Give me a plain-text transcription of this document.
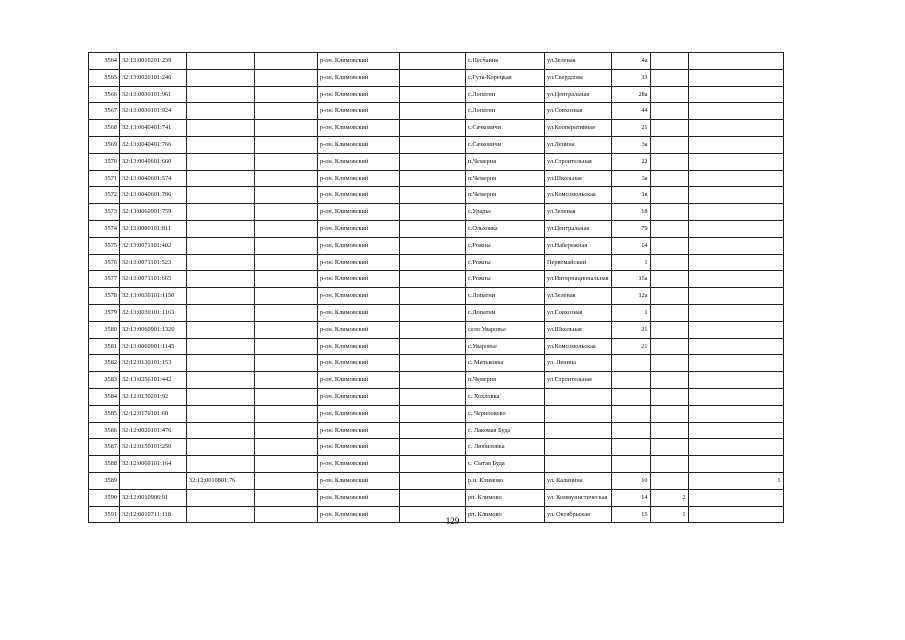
3564	32:13:0010201:239			р-он. Климовский		с.Песчаник	ул.Зеленая	4а		
3565	32:13:0020101:246			р-он. Климовский		с.Гута-Корецкая	ул.Свердлова	33		
3566	32:13:0030101:961			р-он. Климовский		с.Лопатни	ул.Центральная	28а		
3567	32:13:0030101:924			р-он. Климовский		с.Лопатни	ул.Совхозная	44		
3568	32:13:0040401:741			р-он. Климовский		с.Сачковичи	ул.Кооперативная	21		
3569	32:13:0040401:766			р-он. Климовский		с.Сачковичи	ул.Ленина	3а		
3570	32:13:0040601:660			р-он. Климовский		п.Чемерня	ул.Строительная	22		
3571	32:13:0040601:574			р-он. Климовский		п.Чемерня	ул.Школьная	3а		
3572	32:13:0040601:796			р-он. Климовский		п.Чемерня	ул.Комсомольская	1в		
3573	32:13:0060901:759			р-он. Климовский		с.Урарье	ул.Зеленая	18		
3574	32:13:0080101:811			р-он. Климовский		с.Ольховка	ул.Центральная	79		
3575	32:13:0071101:402			р-он. Климовский		с.Рожны	ул.Набережная	14		
3576	32:13:0071101:523			р-он. Климовский		с.Рожны	Первомайский	1		
3577	32:13:0071101:665			р-он. Климовский		с.Рожны	ул.Интернациональная	15а		
3578	32:13:0030101:1150			р-он. Климовский		с.Лопатни	ул.Зеленая	12а		
3579	32:13:0030101:1163			р-он. Климовский		с.Лопатни	ул.Совхозная	1		
3580	32:13:0060901:1320			р-он. Климовский		село Уваровье	ул.Школьная	21		
3581	32:13:0060901:1145			р-он. Климовский		с.Уваровье	ул.Комсомольская	21		
3582	32:12:0130101:153			р-он. Климовский		с. Митьковка	ул. Ленина			
3583	32:13:0256101:442			р-он. Климовский		п.Чемерня	ул.Строительная			
3584	32:12:0130201:92			р-он. Климовский		с. Хохловка				
3585	32:12:0170101:68			р-он. Климовский		с. Чернооково				
3586	32:12:0020101:476			р-он. Климовский		с. Лакомая Буда				
3587	32:12:0150101:250			р-он. Климовский		с. Любиловка				
3588	32:12:0060101:164			р-он. Климовский		с. Сытая Буда				
3589		32:12:0010801:76		р-он. Климовский		р.п. Климово	ул. Калинина	10		1
3590	32:12:0010906:91			р-он. Климовский		рп. Климово	ул. Коммунистическая	14	2	
3591	32:12:0010711:118			р-он. Климовский		рп. Климово	ул. Октябрьская	15	1	
129
